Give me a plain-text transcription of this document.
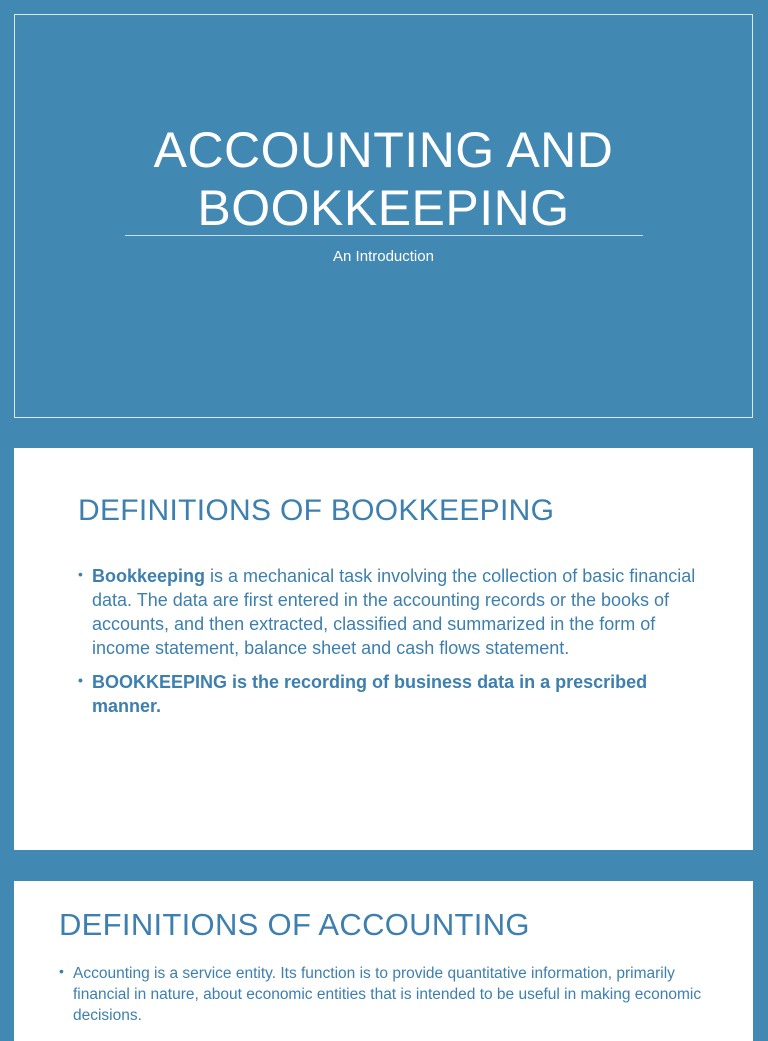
ACCOUNTING AND
BOOKKEEPING
An Introduction
DEFINITIONS OF BOOKKEEPING
• Bookkeeping is a mechanical task involving the collection of basic financial data. The data are first entered in the accounting records or the books of accounts, and then extracted, classified and summarized in the form of income statement, balance sheet and cash flows statement.
• BOOKKEEPING is the recording of business data in a prescribed manner.
DEFINITIONS OF ACCOUNTING
• Accounting is a service entity. Its function is to provide quantitative information, primarily financial in nature, about economic entities that is intended to be useful in making economic decisions.
